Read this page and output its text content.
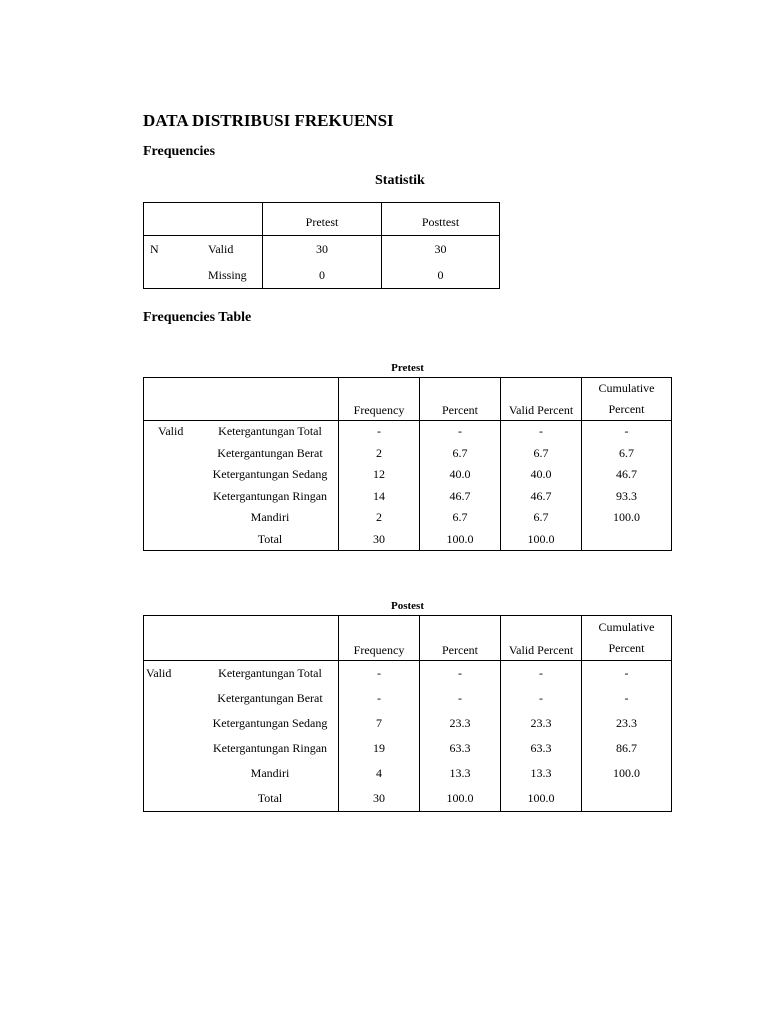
DATA DISTRIBUSI FREKUENSI
Frequencies
Statistik
	Pretest	Posttest
N Valid	30	30
Missing	0	0
Frequencies Table
Pretest
	Frequency	Percent	Valid Percent	Cumulative
Percent

Valid Ketergantungan Total	-	-	-	-
Ketergantungan Berat	2	6.7	6.7	6.7
Ketergantungan Sedang	12	40.0	40.0	46.7
Ketergantungan Ringan	14	46.7	46.7	93.3
Mandiri	2	6.7	6.7	100.0
Total	30	100.0	100.0	
Postest
	Frequency	Percent	Valid Percent	Cumulative
Percent

Valid Ketergantungan Total	-	-	-	-
Ketergantungan Berat	-	-	-	-
Ketergantungan Sedang	7	23.3	23.3	23.3
Ketergantungan Ringan	19	63.3	63.3	86.7
Mandiri	4	13.3	13.3	100.0
Total	30	100.0	100.0	
